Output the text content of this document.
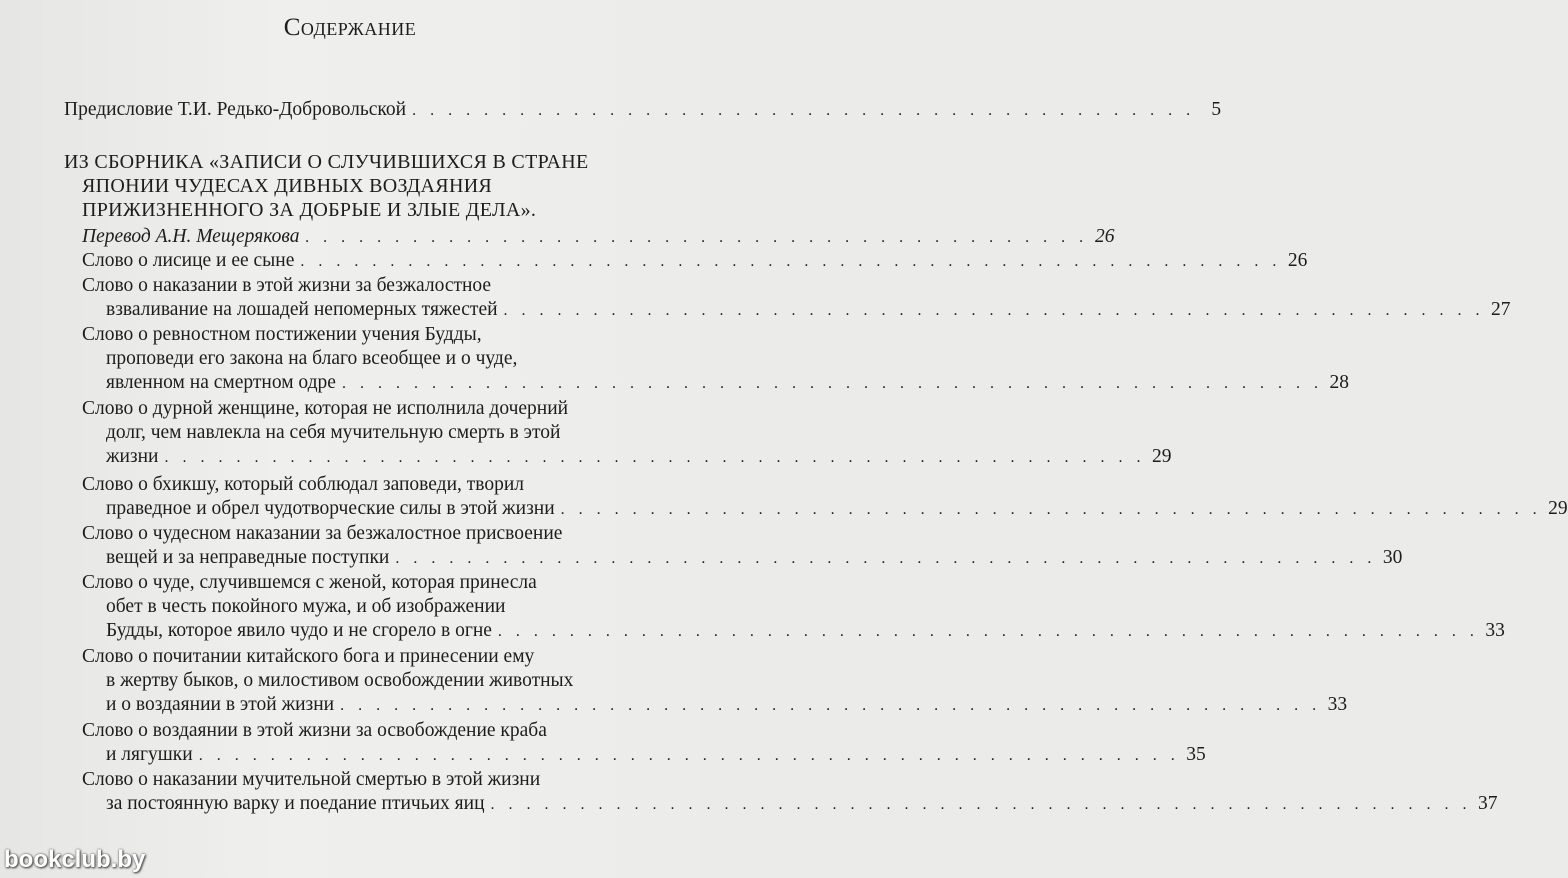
Содержание
Предисловие Т.И. Редько-Добровольской . . . . . . . . . . . . . . . . . . . . . . . . . . . . . . . . . . . . . . . . . . . . 5
ИЗ СБОРНИКА «ЗАПИСИ О СЛУЧИВШИХСЯ В СТРАНЕ
ЯПОНИИ ЧУДЕСАХ ДИВНЫХ ВОЗДАЯНИЯ
ПРИЖИЗНЕННОГО ЗА ДОБРЫЕ И ЗЛЫЕ ДЕЛА».
Перевод А.Н. Мещерякова . . . . . . . . . . . . . . . . . . . . . . . . . . . . . . . . . . . . . . . . . . . . 26
Слово о лисице и ее сыне . . . . . . . . . . . . . . . . . . . . . . . . . . . . . . . . . . . . . . . . . . . . . . . . . . . . . . . 26
Слово о наказании в этой жизни за безжалостное
взваливание на лошадей непомерных тяжестей . . . . . . . . . . . . . . . . . . . . . . . . . . . . . . . . . . . . . . . . . . . . . . . . . . . . . . . 27
Слово о ревностном постижении учения Будды,
проповеди его закона на благо всеобщее и о чуде,
явленном на смертном одре . . . . . . . . . . . . . . . . . . . . . . . . . . . . . . . . . . . . . . . . . . . . . . . . . . . . . . . 28
Слово о дурной женщине, которая не исполнила дочерний
долг, чем навлекла на себя мучительную смерть в этой
жизни . . . . . . . . . . . . . . . . . . . . . . . . . . . . . . . . . . . . . . . . . . . . . . . . . . . . . . . 29
Слово о бхикшу, который соблюдал заповеди, творил
праведное и обрел чудотворческие силы в этой жизни . . . . . . . . . . . . . . . . . . . . . . . . . . . . . . . . . . . . . . . . . . . . . . . . . . . . . . . 29
Слово о чудесном наказании за безжалостное присвоение
вещей и за неправедные поступки . . . . . . . . . . . . . . . . . . . . . . . . . . . . . . . . . . . . . . . . . . . . . . . . . . . . . . . 30
Слово о чуде, случившемся с женой, которая принесла
обет в честь покойного мужа, и об изображении
Будды, которое явило чудо и не сгорело в огне . . . . . . . . . . . . . . . . . . . . . . . . . . . . . . . . . . . . . . . . . . . . . . . . . . . . . . . 33
Слово о почитании китайского бога и принесении ему
в жертву быков, о милостивом освобождении животных
и о воздаянии в этой жизни . . . . . . . . . . . . . . . . . . . . . . . . . . . . . . . . . . . . . . . . . . . . . . . . . . . . . . . 33
Слово о воздаянии в этой жизни за освобождение краба
и лягушки . . . . . . . . . . . . . . . . . . . . . . . . . . . . . . . . . . . . . . . . . . . . . . . . . . . . . . . 35
Слово о наказании мучительной смертью в этой жизни
за постоянную варку и поедание птичьих яиц . . . . . . . . . . . . . . . . . . . . . . . . . . . . . . . . . . . . . . . . . . . . . . . . . . . . . . . 37
bookclub.by
